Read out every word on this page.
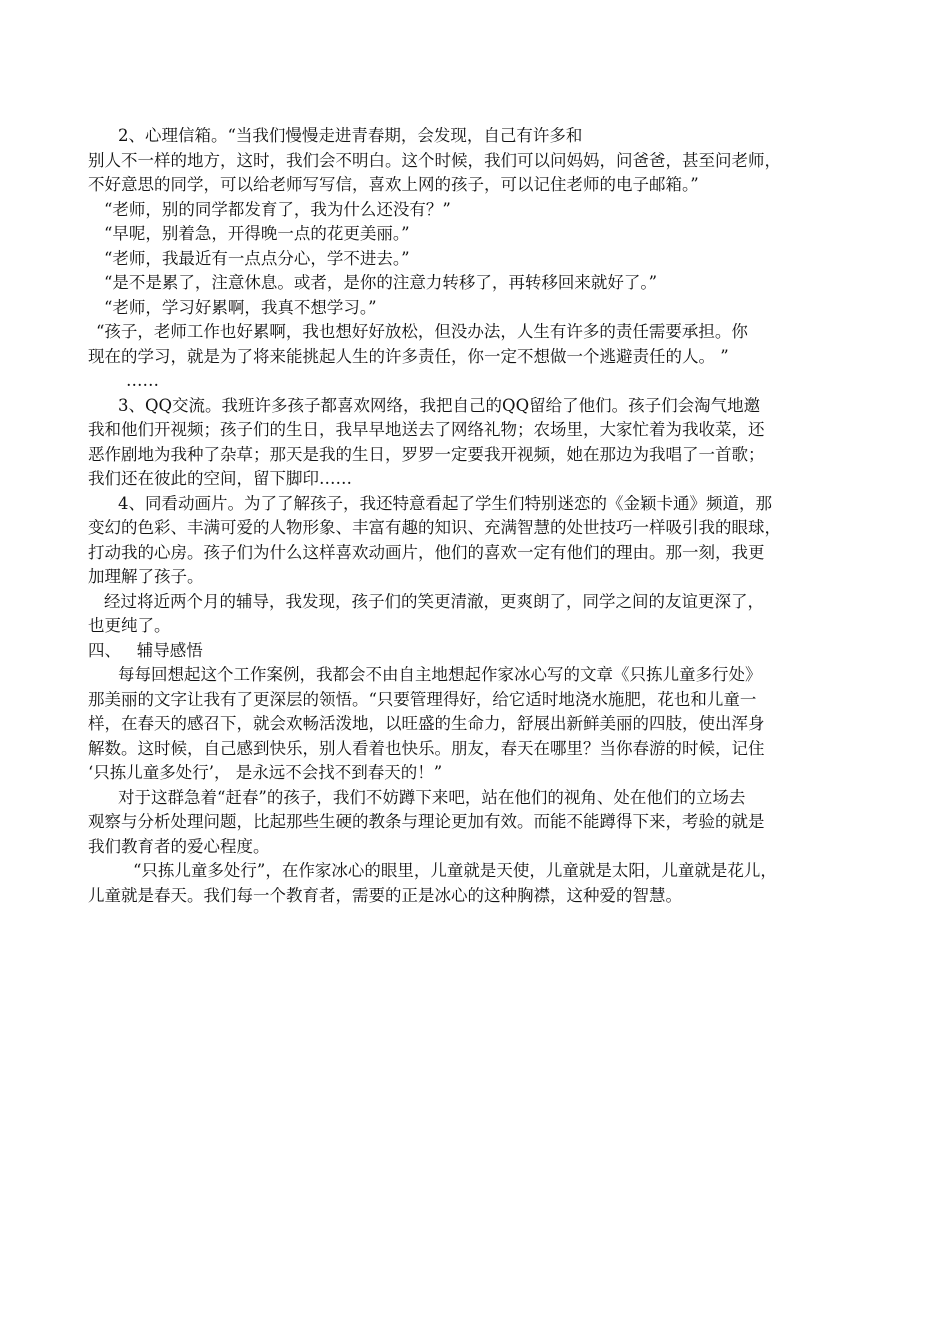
2、心理信箱。“当我们慢慢走进青春期，会发现，自己有许多和
别人不一样的地方，这时，我们会不明白。这个时候，我们可以问妈妈，问爸爸，甚至问老师，
不好意思的同学，可以给老师写写信，喜欢上网的孩子，可以记住老师的电子邮箱。”
“老师，别的同学都发育了，我为什么还没有？”
“早呢，别着急，开得晚一点的花更美丽。”
“老师，我最近有一点点分心，学不进去。”
“是不是累了，注意休息。或者，是你的注意力转移了，再转移回来就好了。”
“老师，学习好累啊，我真不想学习。”
“孩子，老师工作也好累啊，我也想好好放松，但没办法，人生有许多的责任需要承担。你
现在的学习，就是为了将来能挑起人生的许多责任，你一定不想做一个逃避责任的人。 ”
……
3、QQ交流。我班许多孩子都喜欢网络，我把自己的QQ留给了他们。孩子们会淘气地邀
我和他们开视频；孩子们的生日，我早早地送去了网络礼物；农场里，大家忙着为我收菜，还
恶作剧地为我种了杂草；那天是我的生日，罗罗一定要我开视频，她在那边为我唱了一首歌；
我们还在彼此的空间，留下脚印……
4、同看动画片。为了了解孩子，我还特意看起了学生们特别迷恋的《金颖卡通》频道，那
变幻的色彩、丰满可爱的人物形象、丰富有趣的知识、充满智慧的处世技巧一样吸引我的眼球，
打动我的心房。孩子们为什么这样喜欢动画片，他们的喜欢一定有他们的理由。那一刻，我更
加理解了孩子。
经过将近两个月的辅导，我发现，孩子们的笑更清澈，更爽朗了，同学之间的友谊更深了，
也更纯了。
四、   辅导感悟
每每回想起这个工作案例，我都会不由自主地想起作家冰心写的文章《只拣儿童多行处》
那美丽的文字让我有了更深层的领悟。“只要管理得好，给它适时地浇水施肥，花也和儿童一
样，在春天的感召下，就会欢畅活泼地，以旺盛的生命力，舒展出新鲜美丽的四肢，使出浑身
解数。这时候，自己感到快乐，别人看着也快乐。朋友，春天在哪里？当你春游的时候，记住
‘只拣儿童多处行’， 是永远不会找不到春天的！”
对于这群急着“赶春”的孩子，我们不妨蹲下来吧，站在他们的视角、处在他们的立场去
观察与分析处理问题，比起那些生硬的教条与理论更加有效。而能不能蹲得下来，考验的就是
我们教育者的爱心程度。
“只拣儿童多处行”，在作家冰心的眼里，儿童就是天使，儿童就是太阳，儿童就是花儿，
儿童就是春天。我们每一个教育者，需要的正是冰心的这种胸襟，这种爱的智慧。
